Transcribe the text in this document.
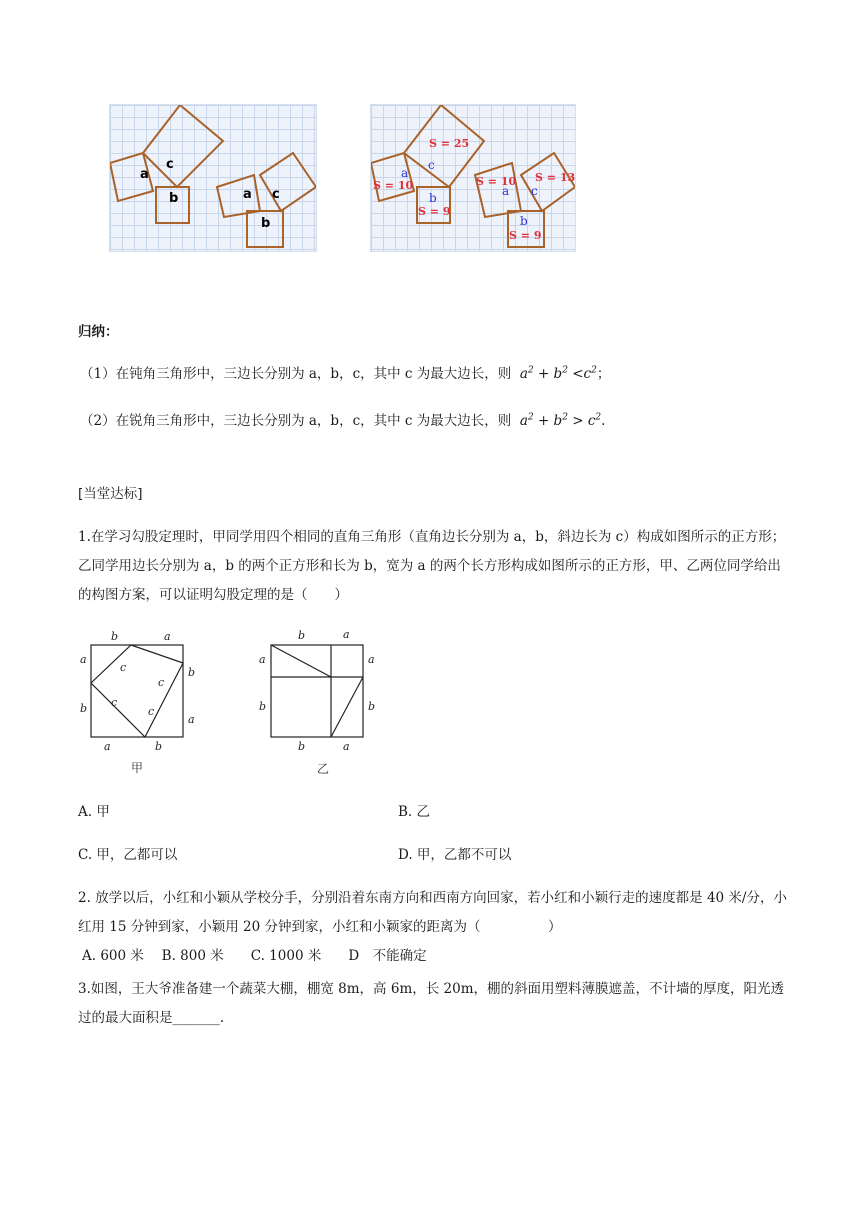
a
b
c
a
b
c
S = 25
S = 10
S = 9
S = 10 S = 13
S = 9
a
b
c
a
b
c
归纳：
（1）在钝角三角形中，三边长分别为 a，b，c，其中 c 为最大边长，则  $a^2 + b^2 <c^2$；
（2）在锐角三角形中，三边长分别为 a，b，c，其中 c 为最大边长，则  $a^2 + b^2 > c^2$.
[当堂达标]
1.在学习勾股定理时，甲同学用四个相同的直角三角形（直角边长分别为 a，b，斜边长为 c）构成如图所示的正方形；乙同学用边长分别为 a，b 的两个正方形和长为 b，宽为 a 的两个长方形构成如图所示的正方形，甲、乙两位同学给出的构图方案，可以证明勾股定理的是（　　）
b	a
a
b
b
a
a	b
c
c
c
c
甲
b	a
a
b
a
b
b	a
乙
A. 甲	B. 乙
C. 甲，乙都可以	D. 甲，乙都不可以
2. 放学以后，小红和小颖从学校分手，分别沿着东南方向和西南方向回家，若小红和小颖行走的速度都是 40 米/分，小红用 15 分钟到家，小颖用 20 分钟到家，小红和小颖家的距离为（　　　　　）
A. 600 米　 B. 800 米　　C. 1000 米　　D　不能确定
3.如图，王大爷准备建一个蔬菜大棚，棚宽 8m，高 6m，长 20m，棚的斜面用塑料薄膜遮盖，不计墙的厚度，阳光透过的最大面积是_______.
